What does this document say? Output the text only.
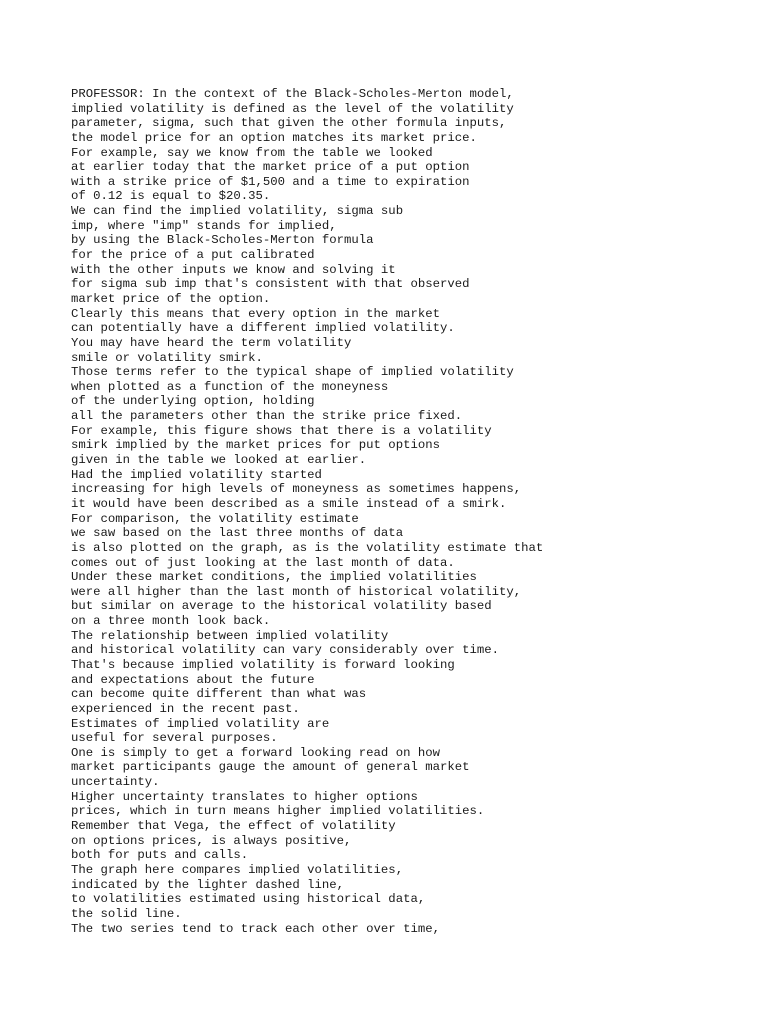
PROFESSOR: In the context of the Black-Scholes-Merton model,
implied volatility is defined as the level of the volatility
parameter, sigma, such that given the other formula inputs,
the model price for an option matches its market price.
For example, say we know from the table we looked
at earlier today that the market price of a put option
with a strike price of $1,500 and a time to expiration
of 0.12 is equal to $20.35.
We can find the implied volatility, sigma sub
imp, where "imp" stands for implied,
by using the Black-Scholes-Merton formula
for the price of a put calibrated
with the other inputs we know and solving it
for sigma sub imp that's consistent with that observed
market price of the option.
Clearly this means that every option in the market
can potentially have a different implied volatility.
You may have heard the term volatility
smile or volatility smirk.
Those terms refer to the typical shape of implied volatility
when plotted as a function of the moneyness
of the underlying option, holding
all the parameters other than the strike price fixed.
For example, this figure shows that there is a volatility
smirk implied by the market prices for put options
given in the table we looked at earlier.
Had the implied volatility started
increasing for high levels of moneyness as sometimes happens,
it would have been described as a smile instead of a smirk.
For comparison, the volatility estimate
we saw based on the last three months of data
is also plotted on the graph, as is the volatility estimate that
comes out of just looking at the last month of data.
Under these market conditions, the implied volatilities
were all higher than the last month of historical volatility,
but similar on average to the historical volatility based
on a three month look back.
The relationship between implied volatility
and historical volatility can vary considerably over time.
That's because implied volatility is forward looking
and expectations about the future
can become quite different than what was
experienced in the recent past.
Estimates of implied volatility are
useful for several purposes.
One is simply to get a forward looking read on how
market participants gauge the amount of general market
uncertainty.
Higher uncertainty translates to higher options
prices, which in turn means higher implied volatilities.
Remember that Vega, the effect of volatility
on options prices, is always positive,
both for puts and calls.
The graph here compares implied volatilities,
indicated by the lighter dashed line,
to volatilities estimated using historical data,
the solid line.
The two series tend to track each other over time,
